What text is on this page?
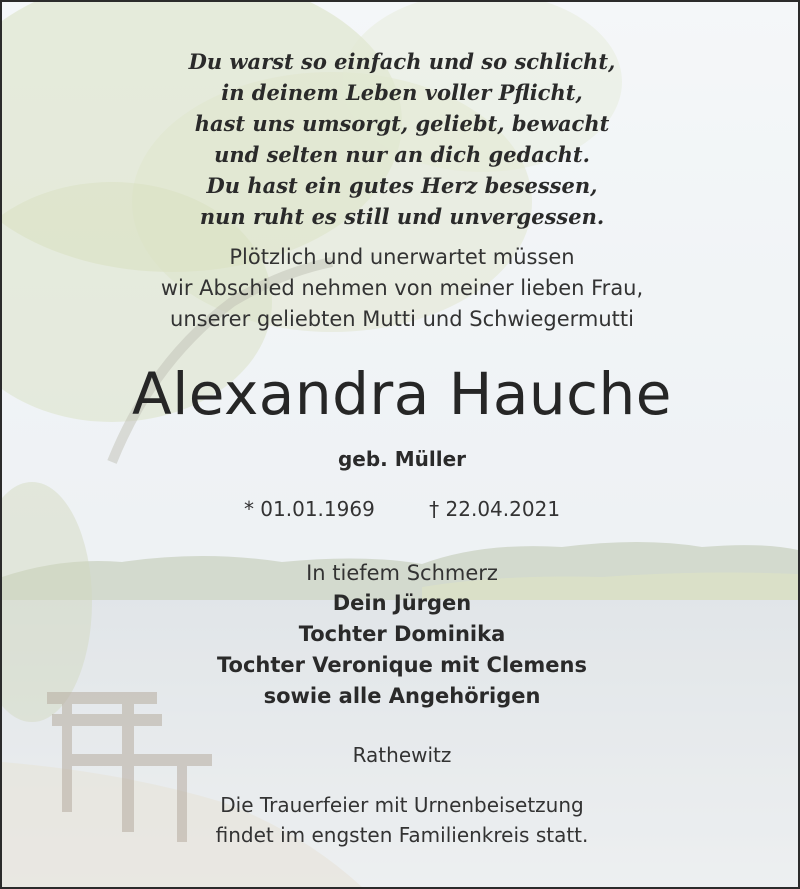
Du warst so einfach und so schlicht,
in deinem Leben voller Pflicht,
hast uns umsorgt, geliebt, bewacht
und selten nur an dich gedacht.
Du hast ein gutes Herz besessen,
nun ruht es still und unvergessen.
Plötzlich und unerwartet müssen
wir Abschied nehmen von meiner lieben Frau,
unserer geliebten Mutti und Schwiegermutti
Alexandra Hauche
geb. Müller
* 01.01.1969	† 22.04.2021
In tiefem Schmerz
Dein Jürgen
Tochter Dominika
Tochter Veronique mit Clemens
sowie alle Angehörigen
Rathewitz
Die Trauerfeier mit Urnenbeisetzung
findet im engsten Familienkreis statt.
